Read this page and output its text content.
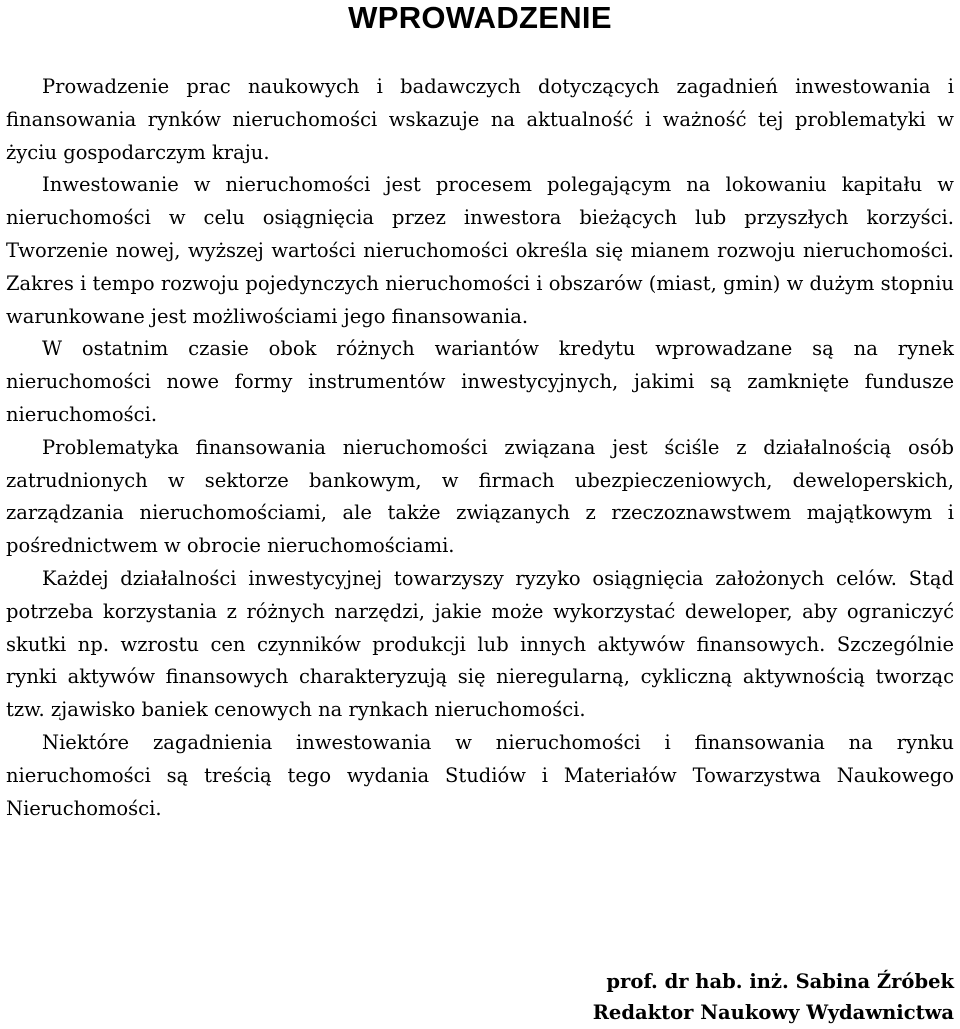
WPROWADZENIE

Prowadzenie prac naukowych i badawczych dotyczących zagadnień inwestowania i finansowania rynków nieruchomości wskazuje na aktualność i ważność tej problematyki w życiu gospodarczym kraju.

Inwestowanie w nieruchomości jest procesem polegającym na lokowaniu kapitału w nieruchomości w celu osiągnięcia przez inwestora bieżących lub przyszłych korzyści. Tworzenie nowej, wyższej wartości nieruchomości określa się mianem rozwoju nieruchomości. Zakres i tempo rozwoju pojedynczych nieruchomości i obszarów (miast, gmin) w dużym stopniu warunkowane jest możliwościami jego finansowania.

W ostatnim czasie obok różnych wariantów kredytu wprowadzane są na rynek nieruchomości nowe formy instrumentów inwestycyjnych, jakimi są zamknięte fundusze nieruchomości.

Problematyka finansowania nieruchomości związana jest ściśle z działalnością osób zatrudnionych w sektorze bankowym, w firmach ubezpieczeniowych, deweloperskich, zarządzania nieruchomościami, ale także związanych z rzeczoznawstwem majątkowym i pośrednictwem w obrocie nieruchomościami.

Każdej działalności inwestycyjnej towarzyszy ryzyko osiągnięcia założonych celów. Stąd potrzeba korzystania z różnych narzędzi, jakie może wykorzystać deweloper, aby ograniczyć skutki np. wzrostu cen czynników produkcji lub innych aktywów finansowych. Szczególnie rynki aktywów finansowych charakteryzują się nieregularną, cykliczną aktywnością tworząc tzw. zjawisko baniek cenowych na rynkach nieruchomości.

Niektóre zagadnienia inwestowania w nieruchomości i finansowania na rynku nieruchomości są treścią tego wydania Studiów i Materiałów Towarzystwa Naukowego Nieruchomości.

prof. dr hab. inż. Sabina Źróbek
Redaktor Naukowy Wydawnictwa
